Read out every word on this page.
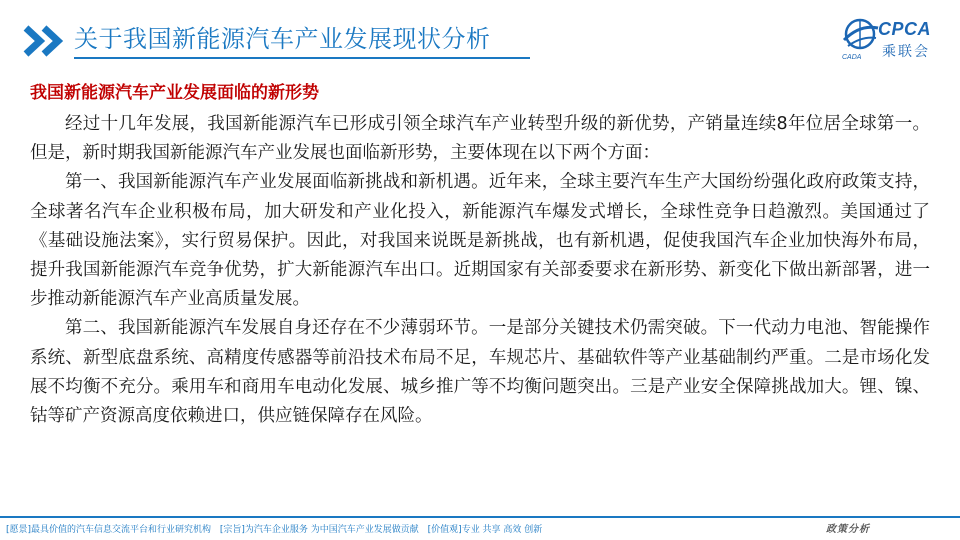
关于我国新能源汽车产业发展现状分析	CPCA
乘联会
CADA
我国新能源汽车产业发展面临的新形势

经过十几年发展，我国新能源汽车已形成引领全球汽车产业转型升级的新优势，产销量连续8年位居全球第一。但是，新时期我国新能源汽车产业发展也面临新形势，主要体现在以下两个方面：

第一、我国新能源汽车产业发展面临新挑战和新机遇。近年来，全球主要汽车生产大国纷纷强化政府政策支持，全球著名汽车企业积极布局，加大研发和产业化投入，新能源汽车爆发式增长，全球性竞争日趋激烈。美国通过了《基础设施法案》，实行贸易保护。因此，对我国来说既是新挑战，也有新机遇，促使我国汽车企业加快海外布局，提升我国新能源汽车竞争优势，扩大新能源汽车出口。近期国家有关部委要求在新形势、新变化下做出新部署，进一步推动新能源汽车产业高质量发展。

第二、我国新能源汽车发展自身还存在不少薄弱环节。一是部分关键技术仍需突破。下一代动力电池、智能操作系统、新型底盘系统、高精度传感器等前沿技术布局不足，车规芯片、基础软件等产业基础制约严重。二是市场化发展不均衡不充分。乘用车和商用车电动化发展、城乡推广等不均衡问题突出。三是产业安全保障挑战加大。锂、镍、钴等矿产资源高度依赖进口，供应链保障存在风险。

[愿景]最具价值的汽车信息交流平台和行业研究机构 [宗旨]为汽车企业服务 为中国汽车产业发展做贡献 [价值观]专业 共享 高效 创新	政策分析
